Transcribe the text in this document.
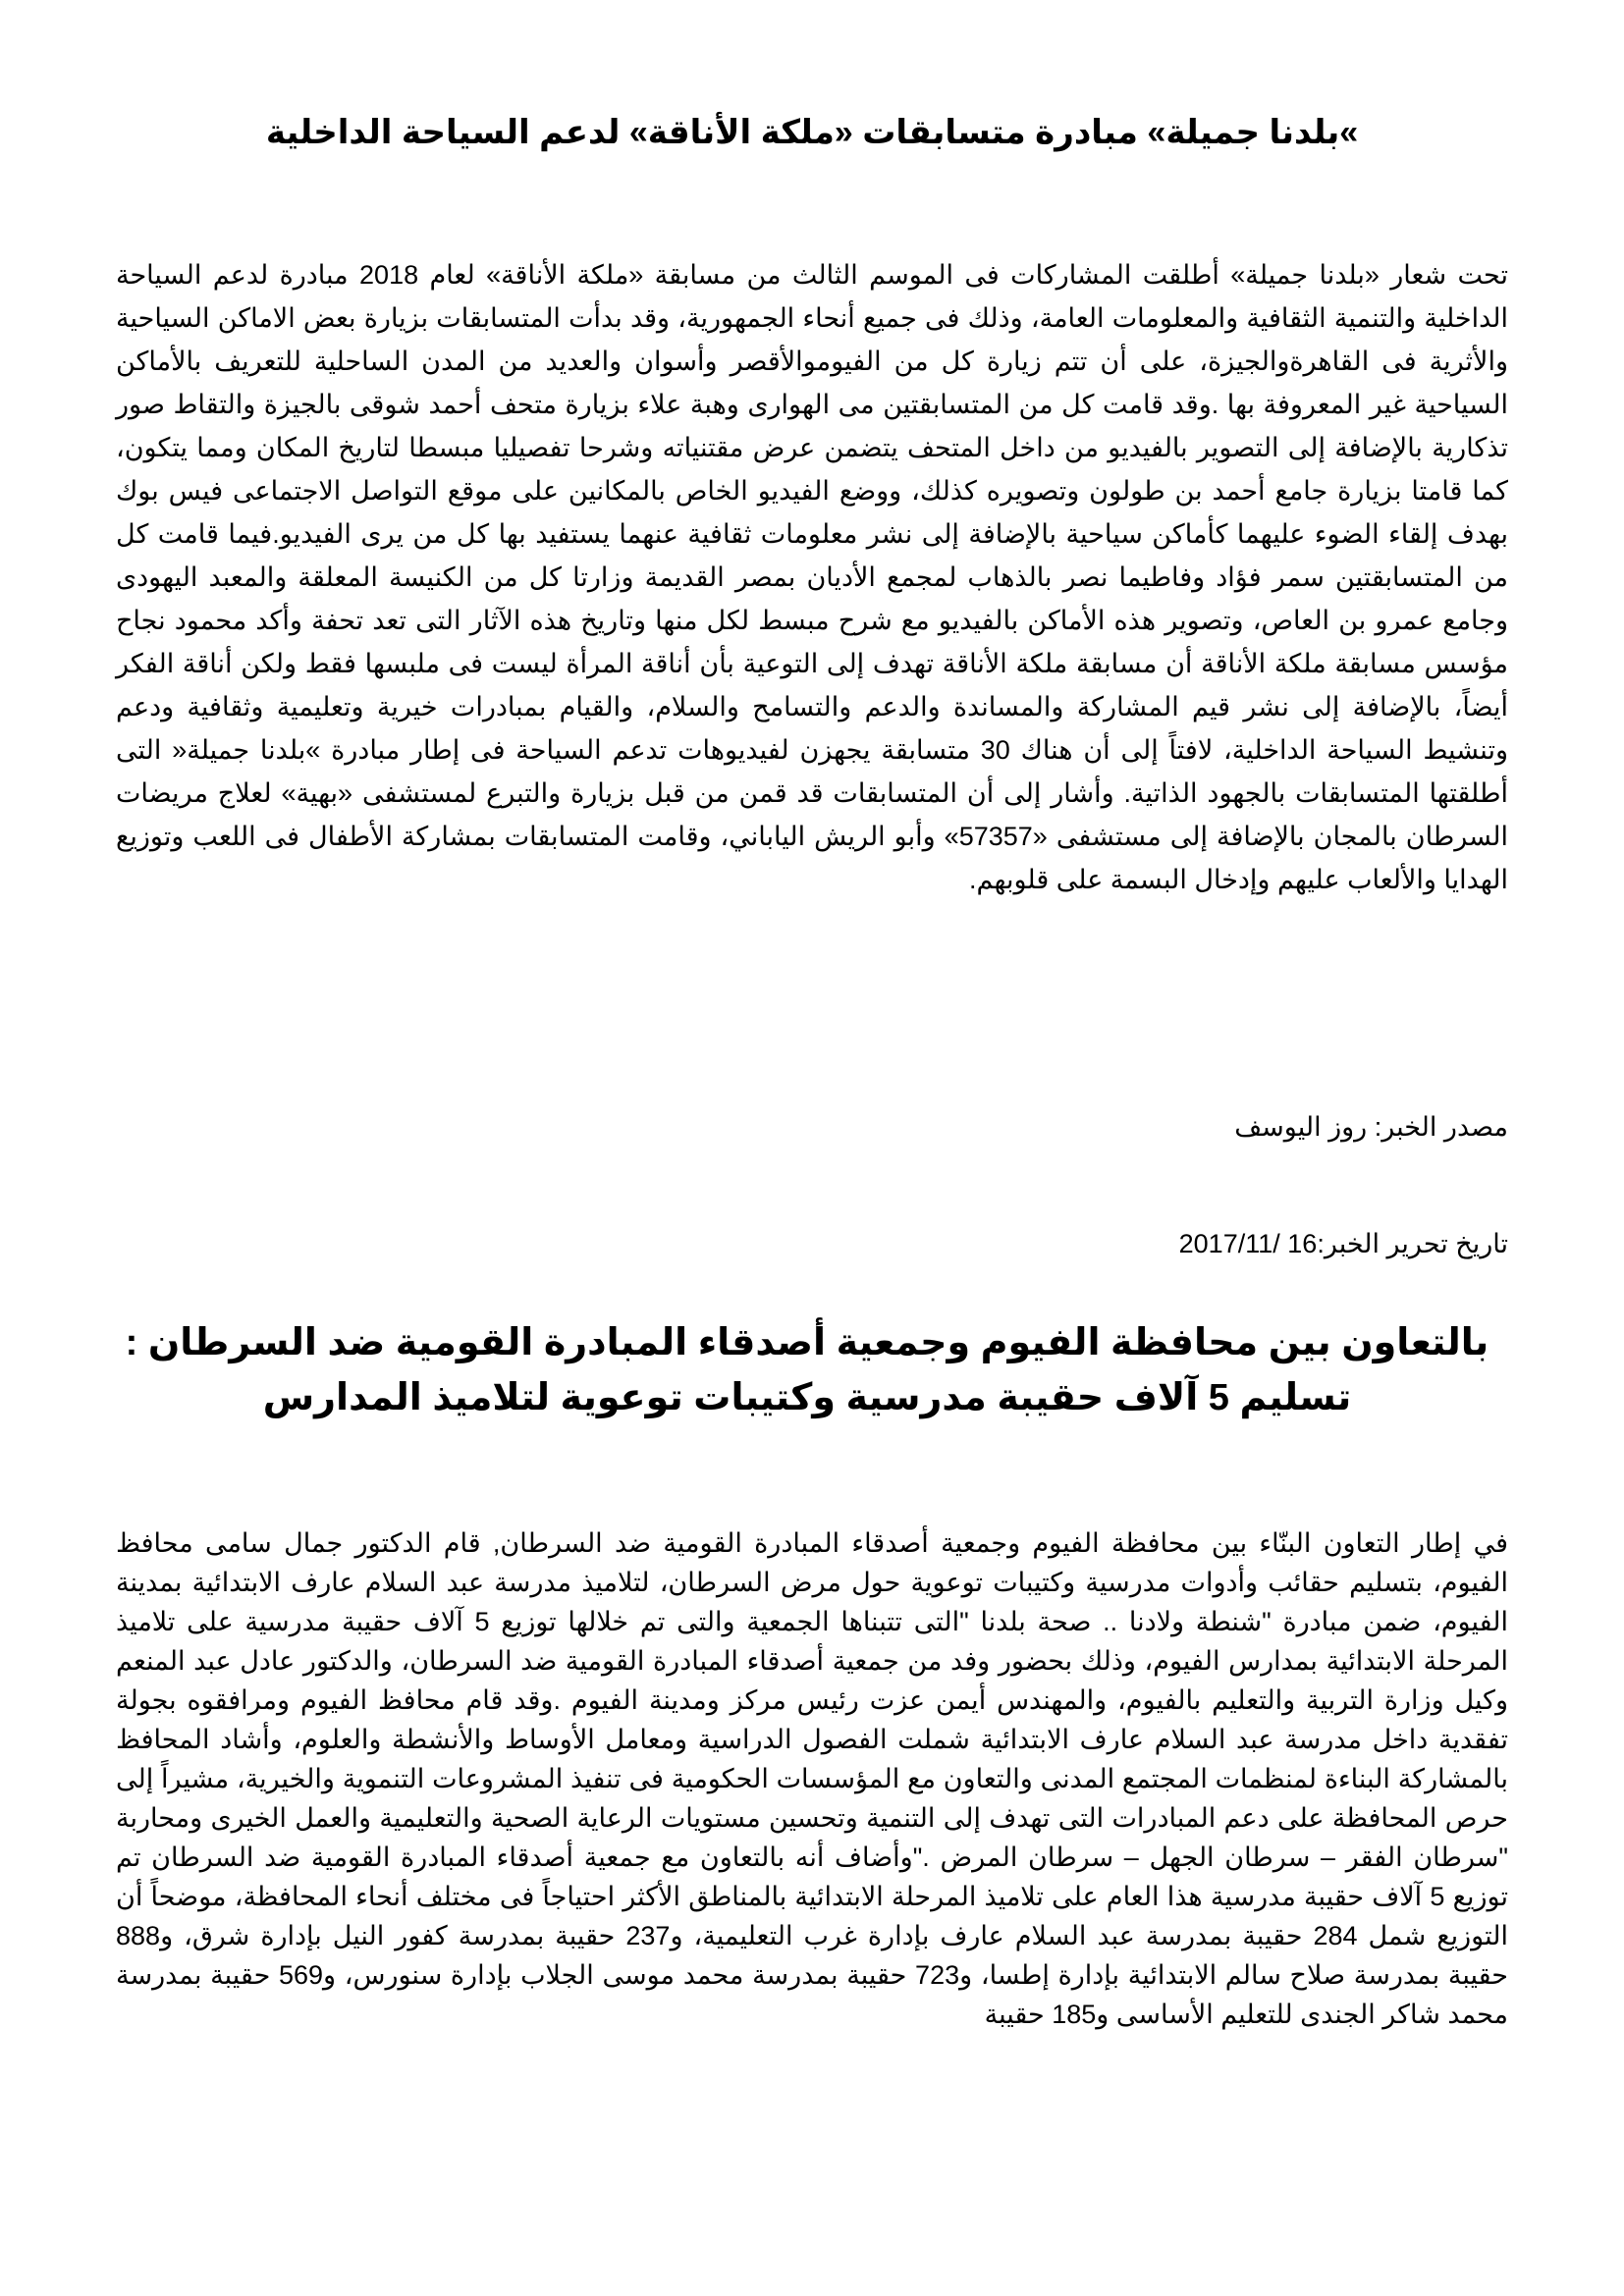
»بلدنا جميلة» مبادرة متسابقات «ملكة الأناقة» لدعم السياحة الداخلية

تحت شعار «بلدنا جميلة» أطلقت المشاركات فى الموسم الثالث من مسابقة «ملكة الأناقة» لعام 2018 مبادرة لدعم السياحة الداخلية والتنمية الثقافية والمعلومات العامة، وذلك فى جميع أنحاء الجمهورية، وقد بدأت المتسابقات بزيارة بعض الاماكن السياحية والأثرية فى القاهرةوالجيزة، على أن تتم زيارة كل من الفيوموالأقصر وأسوان والعديد من المدن الساحلية للتعريف بالأماكن السياحية غير المعروفة بها .وقد قامت كل من المتسابقتين مى الهوارى وهبة علاء بزيارة متحف أحمد شوقى بالجيزة والتقاط صور تذكارية بالإضافة إلى التصوير بالفيديو من داخل المتحف يتضمن عرض مقتنياته وشرحا تفصيليا مبسطا لتاريخ المكان ومما يتكون، كما قامتا بزيارة جامع أحمد بن طولون وتصويره كذلك، ووضع الفيديو الخاص بالمكانين على موقع التواصل الاجتماعى فيس بوك بهدف إلقاء الضوء عليهما كأماكن سياحية بالإضافة إلى نشر معلومات ثقافية عنهما يستفيد بها كل من يرى الفيديو.فيما قامت كل من المتسابقتين سمر فؤاد وفاطيما نصر بالذهاب لمجمع الأديان بمصر القديمة وزارتا كل من الكنيسة المعلقة والمعبد اليهودى وجامع عمرو بن العاص، وتصوير هذه الأماكن بالفيديو مع شرح مبسط لكل منها وتاريخ هذه الآثار التى تعد تحفة وأكد محمود نجاح مؤسس مسابقة ملكة الأناقة أن مسابقة ملكة الأناقة تهدف إلى التوعية بأن أناقة المرأة ليست فى ملبسها فقط ولكن أناقة الفكر أيضاً، بالإضافة إلى نشر قيم المشاركة والمساندة والدعم والتسامح والسلام، والقيام بمبادرات خيرية وتعليمية وثقافية ودعم وتنشيط السياحة الداخلية، لافتاً إلى أن هناك 30 متسابقة يجهزن لفيديوهات تدعم السياحة فى إطار مبادرة »بلدنا جميلة« التى أطلقتها المتسابقات بالجهود الذاتية. وأشار إلى أن المتسابقات قد قمن من قبل بزيارة والتبرع لمستشفى «بهية» لعلاج مريضات السرطان بالمجان بالإضافة إلى مستشفى «57357» وأبو الريش الياباني، وقامت المتسابقات بمشاركة الأطفال فى اللعب وتوزيع الهدايا والألعاب عليهم وإدخال البسمة على قلوبهم.

مصدر الخبر: روز اليوسف
تاريخ تحرير الخبر:16 /2017/11
بالتعاون بين محافظة الفيوم وجمعية أصدقاء المبادرة القومية ضد السرطان :
تسليم 5 آلاف حقيبة مدرسية وكتيبات توعوية لتلاميذ المدارس

في إطار التعاون البنّاء بين محافظة الفيوم وجمعية أصدقاء المبادرة القومية ضد السرطان, قام الدكتور جمال سامى محافظ الفيوم، بتسليم حقائب وأدوات مدرسية وكتيبات توعوية حول مرض السرطان، لتلاميذ مدرسة عبد السلام عارف الابتدائية بمدينة الفيوم، ضمن مبادرة "شنطة ولادنا .. صحة بلدنا "التى تتبناها الجمعية والتى تم خلالها توزيع 5 آلاف حقيبة مدرسية على تلاميذ المرحلة الابتدائية بمدارس الفيوم، وذلك بحضور وفد من جمعية أصدقاء المبادرة القومية ضد السرطان، والدكتور عادل عبد المنعم وكيل وزارة التربية والتعليم بالفيوم، والمهندس أيمن عزت رئيس مركز ومدينة الفيوم .وقد قام محافظ الفيوم ومرافقوه بجولة تفقدية داخل مدرسة عبد السلام عارف الابتدائية شملت الفصول الدراسية ومعامل الأوساط والأنشطة والعلوم، وأشاد المحافظ بالمشاركة البناءة لمنظمات المجتمع المدنى والتعاون مع المؤسسات الحكومية فى تنفيذ المشروعات التنموية والخيرية، مشيراً إلى حرص المحافظة على دعم المبادرات التى تهدف إلى التنمية وتحسين مستويات الرعاية الصحية والتعليمية والعمل الخيرى ومحاربة "سرطان الفقر – سرطان الجهل – سرطان المرض ."وأضاف أنه بالتعاون مع جمعية أصدقاء المبادرة القومية ضد السرطان تم توزيع 5 آلاف حقيبة مدرسية هذا العام على تلاميذ المرحلة الابتدائية بالمناطق الأكثر احتياجاً فى مختلف أنحاء المحافظة، موضحاً أن التوزيع شمل 284 حقيبة بمدرسة عبد السلام عارف بإدارة غرب التعليمية، و237 حقيبة بمدرسة كفور النيل بإدارة شرق، و888 حقيبة بمدرسة صلاح سالم الابتدائية بإدارة إطسا، و723 حقيبة بمدرسة محمد موسى الجلاب بإدارة سنورس، و569 حقيبة بمدرسة محمد شاكر الجندى للتعليم الأساسى و185 حقيبة
